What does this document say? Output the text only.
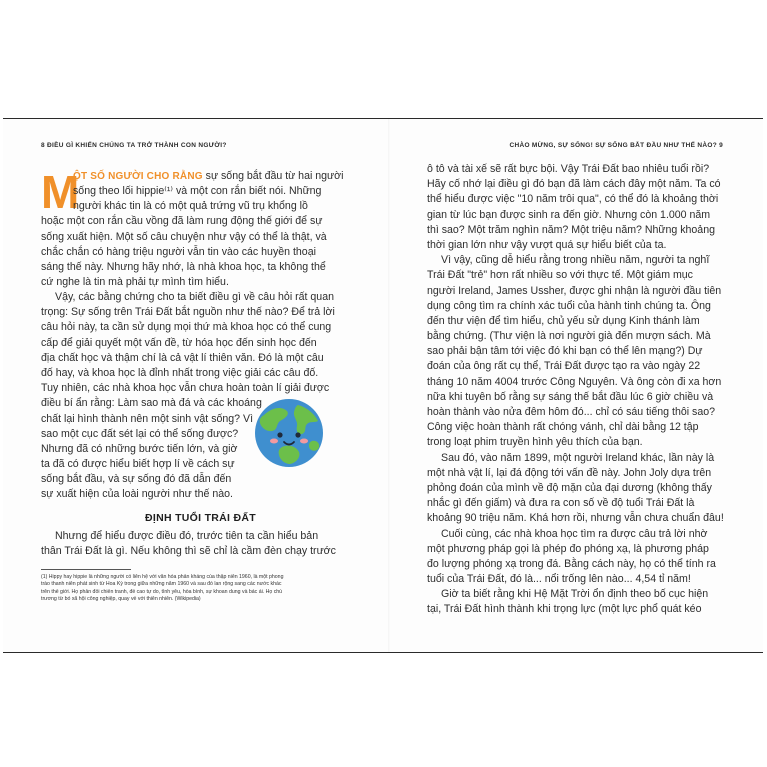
8 ĐIỀU GÌ KHIẾN CHÚNG TA TRỞ THÀNH CON NGƯỜI?
M
ỘT SỐ NGƯỜI CHO RẰNG sự sống bắt đầu từ hai người
sống theo lối hippie⁽¹⁾ và một con rắn biết nói. Những
người khác tin là có một quả trứng vũ trụ khổng lồ
hoặc một con rắn cầu vồng đã làm rung động thế giới để sự
sống xuất hiện. Một số câu chuyện như vậy có thể là thật, và
chắc chắn có hàng triệu người vẫn tin vào các huyền thoại
sáng thế này. Nhưng hãy nhớ, là nhà khoa học, ta không thể
cứ nghe là tin mà phải tự mình tìm hiểu.
Vậy, các bằng chứng cho ta biết điều gì về câu hỏi rất quan
trọng: Sự sống trên Trái Đất bắt nguồn như thế nào? Để trả lời
câu hỏi này, ta cần sử dụng mọi thứ mà khoa học có thể cung
cấp để giải quyết một vấn đề, từ hóa học đến sinh học đến
địa chất học và thậm chí là cả vật lí thiên văn. Đó là một câu
đố hay, và khoa học là đỉnh nhất trong việc giải các câu đố.
Tuy nhiên, các nhà khoa học vẫn chưa hoàn toàn lí giải được
điều bí ẩn rằng: Làm sao mà đá và các khoáng
chất lại hình thành nên một sinh vật sống? Vì
sao một cục đất sét lại có thể sống được?
Nhưng đã có những bước tiến lớn, và giờ
ta đã có được hiểu biết hợp lí về cách sự
sống bắt đầu, và sự sống đó đã dẫn đến
sự xuất hiện của loài người như thế nào.
ĐỊNH TUỔI TRÁI ĐẤT
Nhưng để hiểu được điều đó, trước tiên ta cần hiểu bản
thân Trái Đất là gì. Nếu không thì sẽ chỉ là cầm đèn chạy trước
(1) Hippy hay hippie là những người có liên hệ với văn hóa phản kháng của thập niên 1960, là một phong
trào thanh niên phát sinh từ Hoa Kỳ trong giữa những năm 1960 và sau đó lan rộng sang các nước khác
trên thế giới. Họ phản đối chiến tranh, đề cao tự do, tình yêu, hòa bình, sự khoan dung và bác ái. Họ chủ
trương từ bỏ xã hội công nghiệp, quay về với thiên nhiên. (Wikipedia)
CHÀO MỪNG, SỰ SỐNG! SỰ SỐNG BẮT ĐẦU NHƯ THẾ NÀO? 9
ô tô và tài xế sẽ rất bực bội. Vậy Trái Đất bao nhiêu tuổi rồi?
Hãy cố nhớ lại điều gì đó bạn đã làm cách đây một năm. Ta có
thể hiểu được việc "10 năm trôi qua", có thể đó là khoảng thời
gian từ lúc bạn được sinh ra đến giờ. Nhưng còn 1.000 năm
thì sao? Một trăm nghìn năm? Một triệu năm? Những khoảng
thời gian lớn như vậy vượt quá sự hiểu biết của ta.
Vì vậy, cũng dễ hiểu rằng trong nhiều năm, người ta nghĩ
Trái Đất "trẻ" hơn rất nhiều so với thực tế. Một giám mục
người Ireland, James Ussher, được ghi nhận là người đầu tiên
dụng công tìm ra chính xác tuổi của hành tinh chúng ta. Ông
đến thư viện để tìm hiểu, chủ yếu sử dụng Kinh thánh làm
bằng chứng. (Thư viện là nơi người già đến mượn sách. Mà
sao phải bận tâm tới việc đó khi bạn có thể lên mạng?) Dự
đoán của ông rất cụ thể, Trái Đất được tạo ra vào ngày 22
tháng 10 năm 4004 trước Công Nguyên. Và ông còn đi xa hơn
nữa khi tuyên bố rằng sự sáng thế bắt đầu lúc 6 giờ chiều và
hoàn thành vào nửa đêm hôm đó... chỉ có sáu tiếng thôi sao?
Công việc hoàn thành rất chóng vánh, chỉ dài bằng 12 tập
trong loạt phim truyền hình yêu thích của bạn.
Sau đó, vào năm 1899, một người Ireland khác, lần này là
một nhà vật lí, lại đá động tới vấn đề này. John Joly dựa trên
phỏng đoán của mình về độ mặn của đại dương (không thấy
nhắc gì đến giấm) và đưa ra con số về độ tuổi Trái Đất là
khoảng 90 triệu năm. Khá hơn rồi, nhưng vẫn chưa chuẩn đâu!
Cuối cùng, các nhà khoa học tìm ra được câu trả lời nhờ
một phương pháp gọi là phép đo phóng xạ, là phương pháp
đo lượng phóng xạ trong đá. Bằng cách này, họ có thể tính ra
tuổi của Trái Đất, đó là... nổi trống lên nào... 4,54 tỉ năm!
Giờ ta biết rằng khi Hệ Mặt Trời ổn định theo bố cục hiện
tại, Trái Đất hình thành khi trọng lực (một lực phổ quát kéo
